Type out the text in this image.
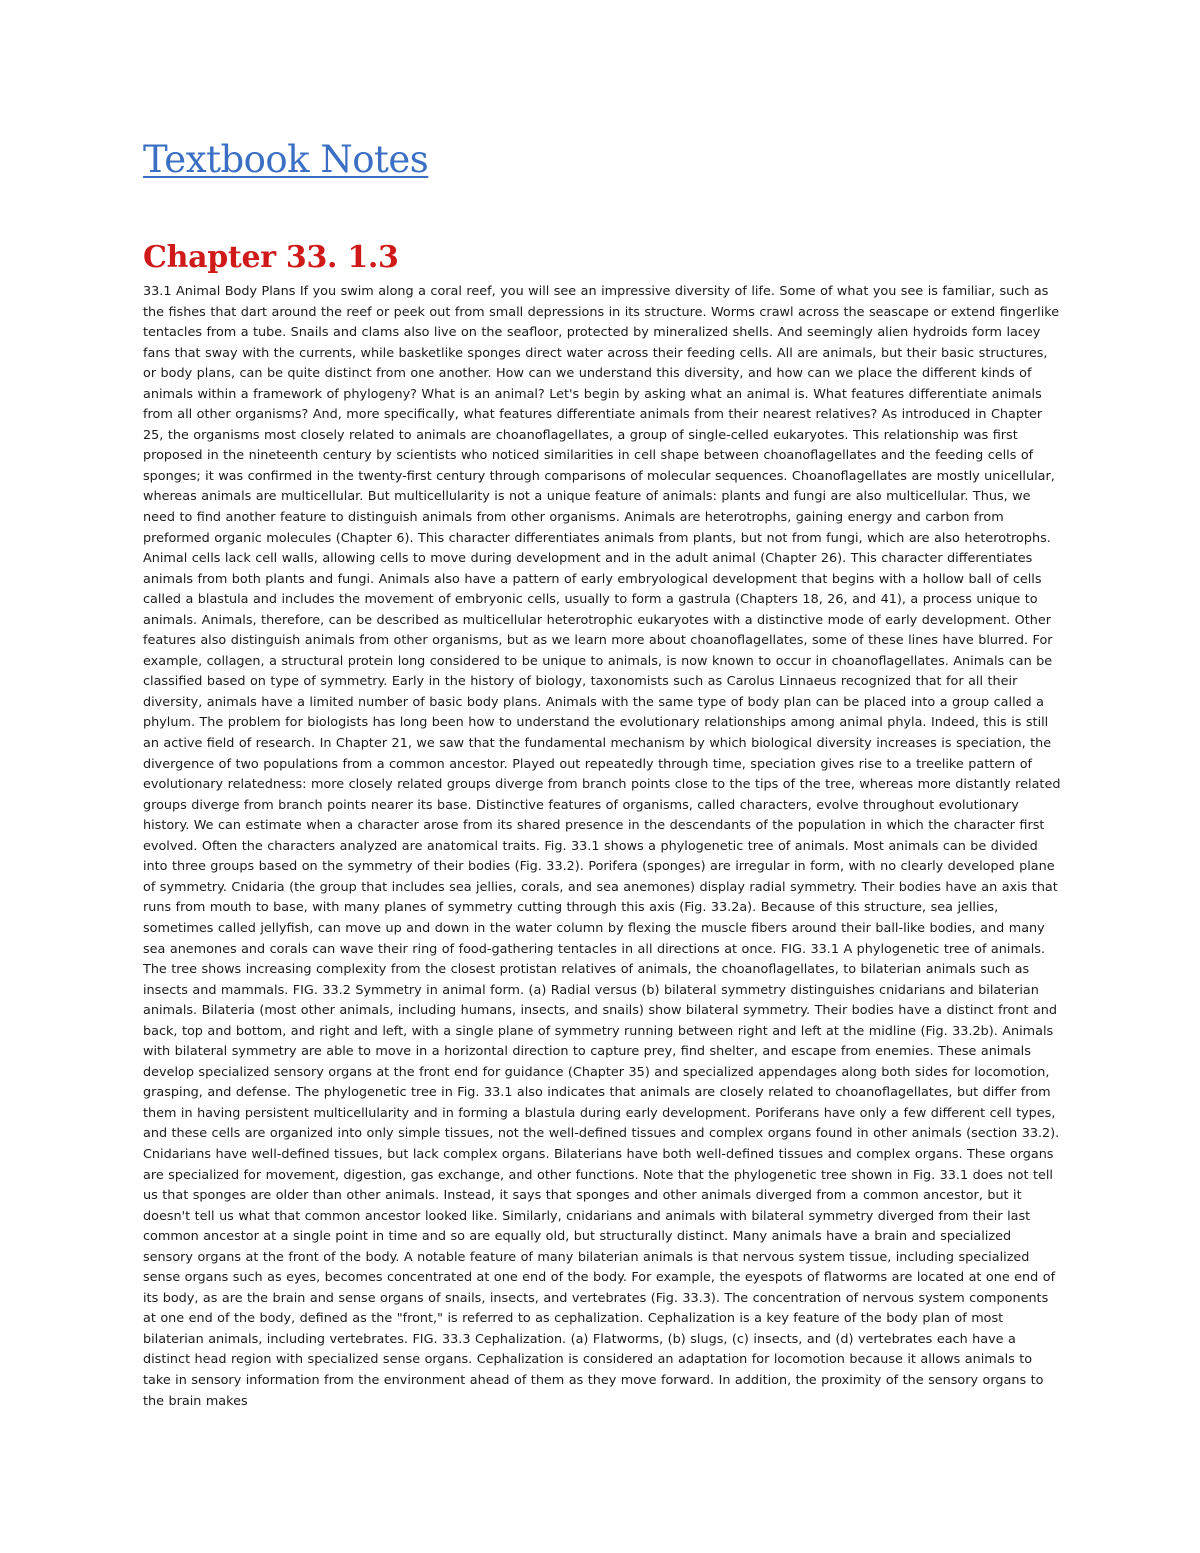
Textbook Notes
Chapter 33. 1.3

33.1 Animal Body Plans If you swim along a coral reef, you will see an impressive diversity of life. Some of what you see is familiar, such as the fishes that dart around the reef or peek out from small depressions in its structure. Worms crawl across the seascape or extend fingerlike tentacles from a tube. Snails and clams also live on the seafloor, protected by mineralized shells. And seemingly alien hydroids form lacey fans that sway with the currents, while basketlike sponges direct water across their feeding cells. All are animals, but their basic structures, or body plans, can be quite distinct from one another. How can we understand this diversity, and how can we place the different kinds of animals within a framework of phylogeny? What is an animal? Let's begin by asking what an animal is. What features differentiate animals from all other organisms? And, more specifically, what features differentiate animals from their nearest relatives? As introduced in Chapter 25, the organisms most closely related to animals are choanoflagellates, a group of single-celled eukaryotes. This relationship was first proposed in the nineteenth century by scientists who noticed similarities in cell shape between choanoflagellates and the feeding cells of sponges; it was confirmed in the twenty-first century through comparisons of molecular sequences. Choanoflagellates are mostly unicellular, whereas animals are multicellular. But multicellularity is not a unique feature of animals: plants and fungi are also multicellular. Thus, we need to find another feature to distinguish animals from other organisms. Animals are heterotrophs, gaining energy and carbon from preformed organic molecules (Chapter 6). This character differentiates animals from plants, but not from fungi, which are also heterotrophs. Animal cells lack cell walls, allowing cells to move during development and in the adult animal (Chapter 26). This character differentiates animals from both plants and fungi. Animals also have a pattern of early embryological development that begins with a hollow ball of cells called a blastula and includes the movement of embryonic cells, usually to form a gastrula (Chapters 18, 26, and 41), a process unique to animals. Animals, therefore, can be described as multicellular heterotrophic eukaryotes with a distinctive mode of early development. Other features also distinguish animals from other organisms, but as we learn more about choanoflagellates, some of these lines have blurred. For example, collagen, a structural protein long considered to be unique to animals, is now known to occur in choanoflagellates. Animals can be classified based on type of symmetry. Early in the history of biology, taxonomists such as Carolus Linnaeus recognized that for all their diversity, animals have a limited number of basic body plans. Animals with the same type of body plan can be placed into a group called a phylum. The problem for biologists has long been how to understand the evolutionary relationships among animal phyla. Indeed, this is still an active field of research. In Chapter 21, we saw that the fundamental mechanism by which biological diversity increases is speciation, the divergence of two populations from a common ancestor. Played out repeatedly through time, speciation gives rise to a treelike pattern of evolutionary relatedness: more closely related groups diverge from branch points close to the tips of the tree, whereas more distantly related groups diverge from branch points nearer its base. Distinctive features of organisms, called characters, evolve throughout evolutionary history. We can estimate when a character arose from its shared presence in the descendants of the population in which the character first evolved. Often the characters analyzed are anatomical traits. Fig. 33.1 shows a phylogenetic tree of animals. Most animals can be divided into three groups based on the symmetry of their bodies (Fig. 33.2). Porifera (sponges) are irregular in form, with no clearly developed plane of symmetry. Cnidaria (the group that includes sea jellies, corals, and sea anemones) display radial symmetry. Their bodies have an axis that runs from mouth to base, with many planes of symmetry cutting through this axis (Fig. 33.2a). Because of this structure, sea jellies, sometimes called jellyfish, can move up and down in the water column by flexing the muscle fibers around their ball-like bodies, and many sea anemones and corals can wave their ring of food-gathering tentacles in all directions at once. FIG. 33.1 A phylogenetic tree of animals. The tree shows increasing complexity from the closest protistan relatives of animals, the choanoflagellates, to bilaterian animals such as insects and mammals. FIG. 33.2 Symmetry in animal form. (a) Radial versus (b) bilateral symmetry distinguishes cnidarians and bilaterian animals. Bilateria (most other animals, including humans, insects, and snails) show bilateral symmetry. Their bodies have a distinct front and back, top and bottom, and right and left, with a single plane of symmetry running between right and left at the midline (Fig. 33.2b). Animals with bilateral symmetry are able to move in a horizontal direction to capture prey, find shelter, and escape from enemies. These animals develop specialized sensory organs at the front end for guidance (Chapter 35) and specialized appendages along both sides for locomotion, grasping, and defense. The phylogenetic tree in Fig. 33.1 also indicates that animals are closely related to choanoflagellates, but differ from them in having persistent multicellularity and in forming a blastula during early development. Poriferans have only a few different cell types, and these cells are organized into only simple tissues, not the well-defined tissues and complex organs found in other animals (section 33.2). Cnidarians have well-defined tissues, but lack complex organs. Bilaterians have both well-defined tissues and complex organs. These organs are specialized for movement, digestion, gas exchange, and other functions. Note that the phylogenetic tree shown in Fig. 33.1 does not tell us that sponges are older than other animals. Instead, it says that sponges and other animals diverged from a common ancestor, but it doesn't tell us what that common ancestor looked like. Similarly, cnidarians and animals with bilateral symmetry diverged from their last common ancestor at a single point in time and so are equally old, but structurally distinct. Many animals have a brain and specialized sensory organs at the front of the body. A notable feature of many bilaterian animals is that nervous system tissue, including specialized sense organs such as eyes, becomes concentrated at one end of the body. For example, the eyespots of flatworms are located at one end of its body, as are the brain and sense organs of snails, insects, and vertebrates (Fig. 33.3). The concentration of nervous system components at one end of the body, defined as the "front," is referred to as cephalization. Cephalization is a key feature of the body plan of most bilaterian animals, including vertebrates. FIG. 33.3 Cephalization. (a) Flatworms, (b) slugs, (c) insects, and (d) vertebrates each have a distinct head region with specialized sense organs. Cephalization is considered an adaptation for locomotion because it allows animals to take in sensory information from the environment ahead of them as they move forward. In addition, the proximity of the sensory organs to the brain makes
